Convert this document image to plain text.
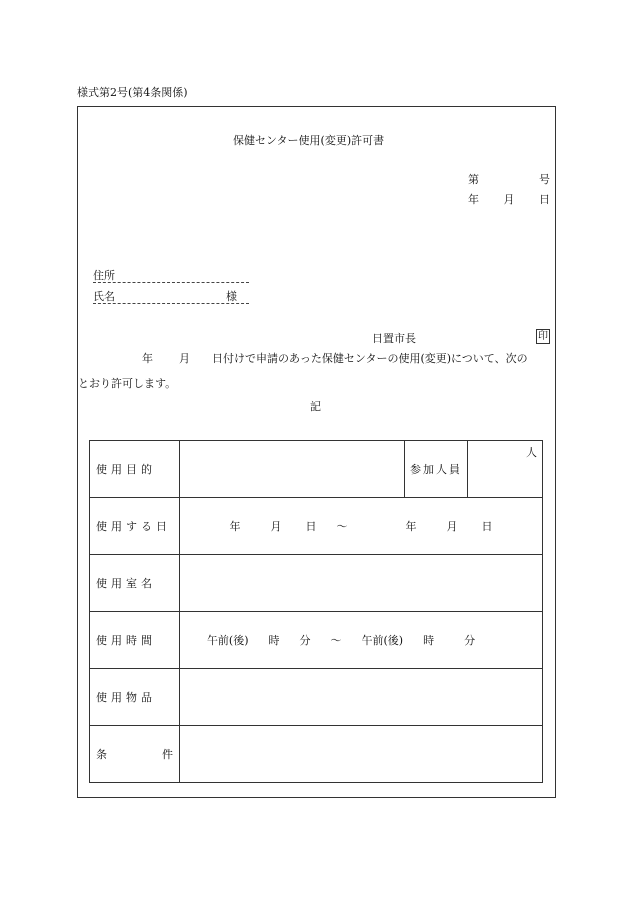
様式第2号(第4条関係)
保健センター使用(変更)許可書
第	号
年 月 日
住所
氏名	様
日置市長	印
年 月 日付けで申請のあった保健センターの使用(変更)について、次の
とおり許可します。
記
使用目的		参加人員	人

使用する日	年 月 日 ～ 年 月 日		
使用室名			
使用時間	午前(後) 時 分 ～ 午前(後) 時 分		
使用物品			

条 件			
